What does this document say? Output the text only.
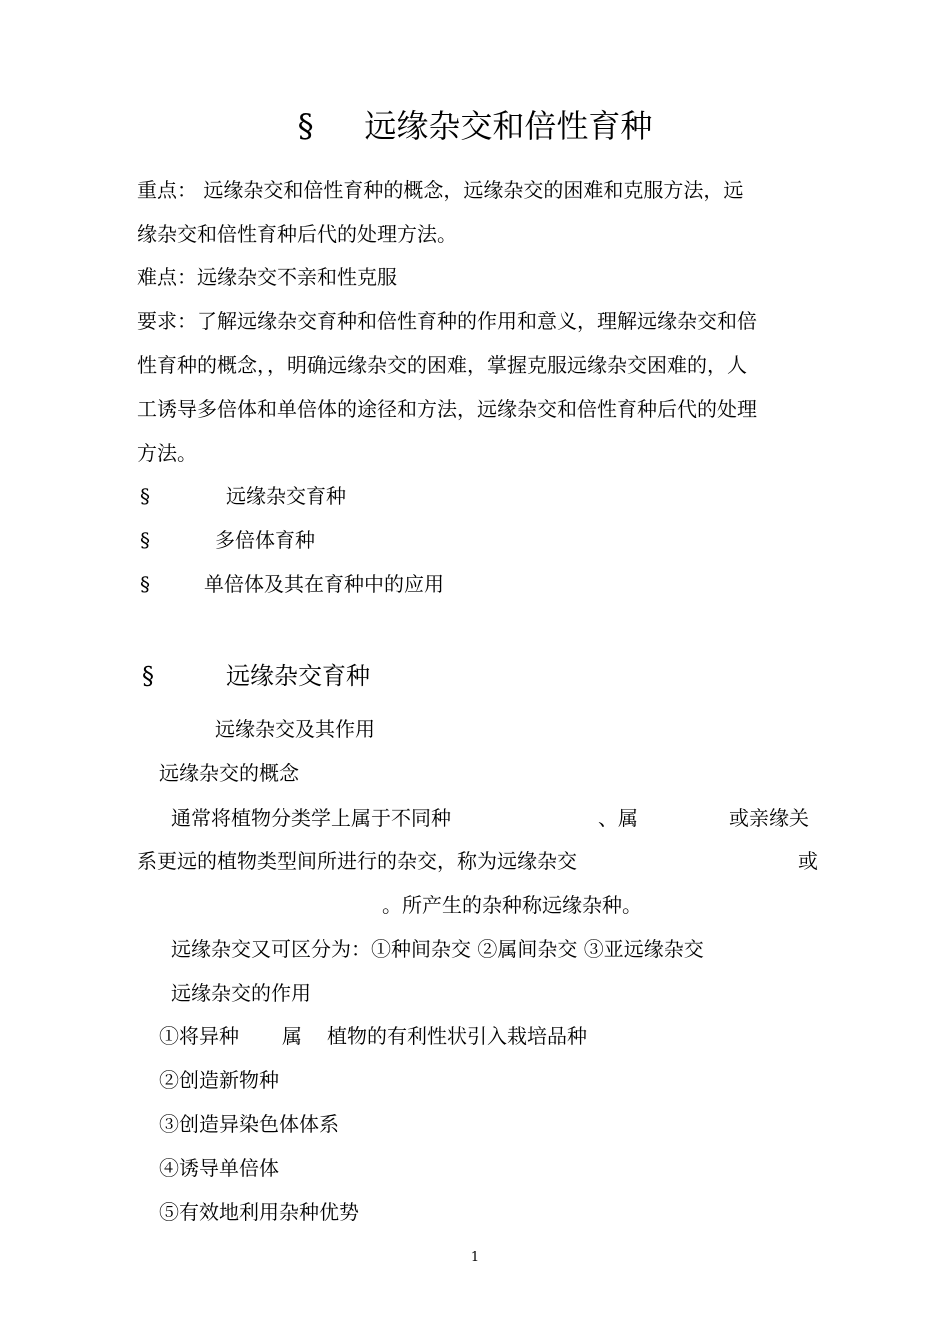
§     远缘杂交和倍性育种
重点： 远缘杂交和倍性育种的概念，远缘杂交的困难和克服方法，远
缘杂交和倍性育种后代的处理方法。
难点：远缘杂交不亲和性克服
要求：了解远缘杂交育种和倍性育种的作用和意义，理解远缘杂交和倍
性育种的概念，，明确远缘杂交的困难，掌握克服远缘杂交困难的，人
工诱导多倍体和单倍体的途径和方法，远缘杂交和倍性育种后代的处理
方法。
§	远缘杂交育种
§	多倍体育种
§	单倍体及其在育种中的应用
§	远缘杂交育种
远缘杂交及其作用
远缘杂交的概念
通常将植物分类学上属于不同种	、属	或亲缘关
系更远的植物类型间所进行的杂交，称为远缘杂交	或
。所产生的杂种称远缘杂种。
远缘杂交又可区分为：①种间杂交 ②属间杂交 ③亚远缘杂交
远缘杂交的作用
①将异种 属 植物的有利性状引入栽培品种
②创造新物种
③创造异染色体体系
④诱导单倍体
⑤有效地利用杂种优势
1
